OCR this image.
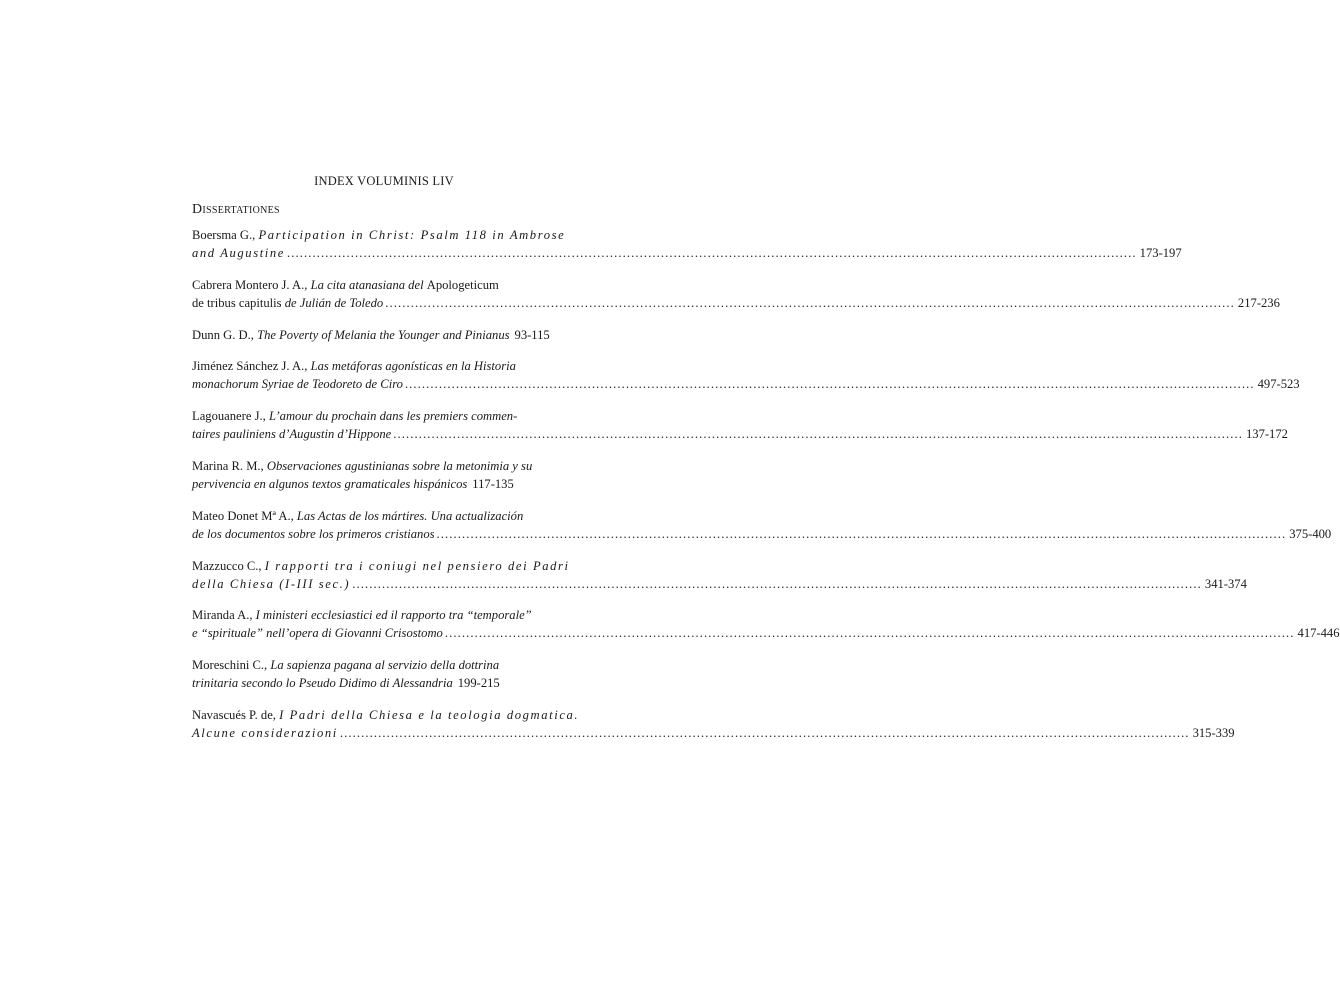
INDEX VOLUMINIS LIV
Dissertationes
Boersma G., Participation in Christ: Psalm 118 in Ambrose
and Augustine ........................................................................................................................................................................................................ 173-197
Cabrera Montero J. A., La cita atanasiana del Apologeticum
de tribus capitulis de Julián de Toledo ........................................................................................................................................................................................................ 217-236
Dunn G. D., The Poverty of Melania the Younger and Pinianus 93-115
Jiménez Sánchez J. A., Las metáforas agonísticas en la Historia
monachorum Syriae de Teodoreto de Ciro ........................................................................................................................................................................................................ 497-523
Lagouanere J., L’amour du prochain dans les premiers commen-
taires pauliniens d’Augustin d’Hippone ........................................................................................................................................................................................................ 137-172
Marina R. M., Observaciones agustinianas sobre la metonimia y su
pervivencia en algunos textos gramaticales hispánicos 117-135
Mateo Donet Mª A., Las Actas de los mártires. Una actualización
de los documentos sobre los primeros cristianos ........................................................................................................................................................................................................ 375-400
Mazzucco C., I rapporti tra i coniugi nel pensiero dei Padri
della Chiesa (I-III sec.) ........................................................................................................................................................................................................ 341-374
Miranda A., I ministeri ecclesiastici ed il rapporto tra “temporale”
e “spirituale” nell’opera di Giovanni Crisostomo ........................................................................................................................................................................................................ 417-446
Moreschini C., La sapienza pagana al servizio della dottrina
trinitaria secondo lo Pseudo Didimo di Alessandria 199-215
Navascués P. de, I Padri della Chiesa e la teologia dogmatica.
Alcune considerazioni ........................................................................................................................................................................................................ 315-339
